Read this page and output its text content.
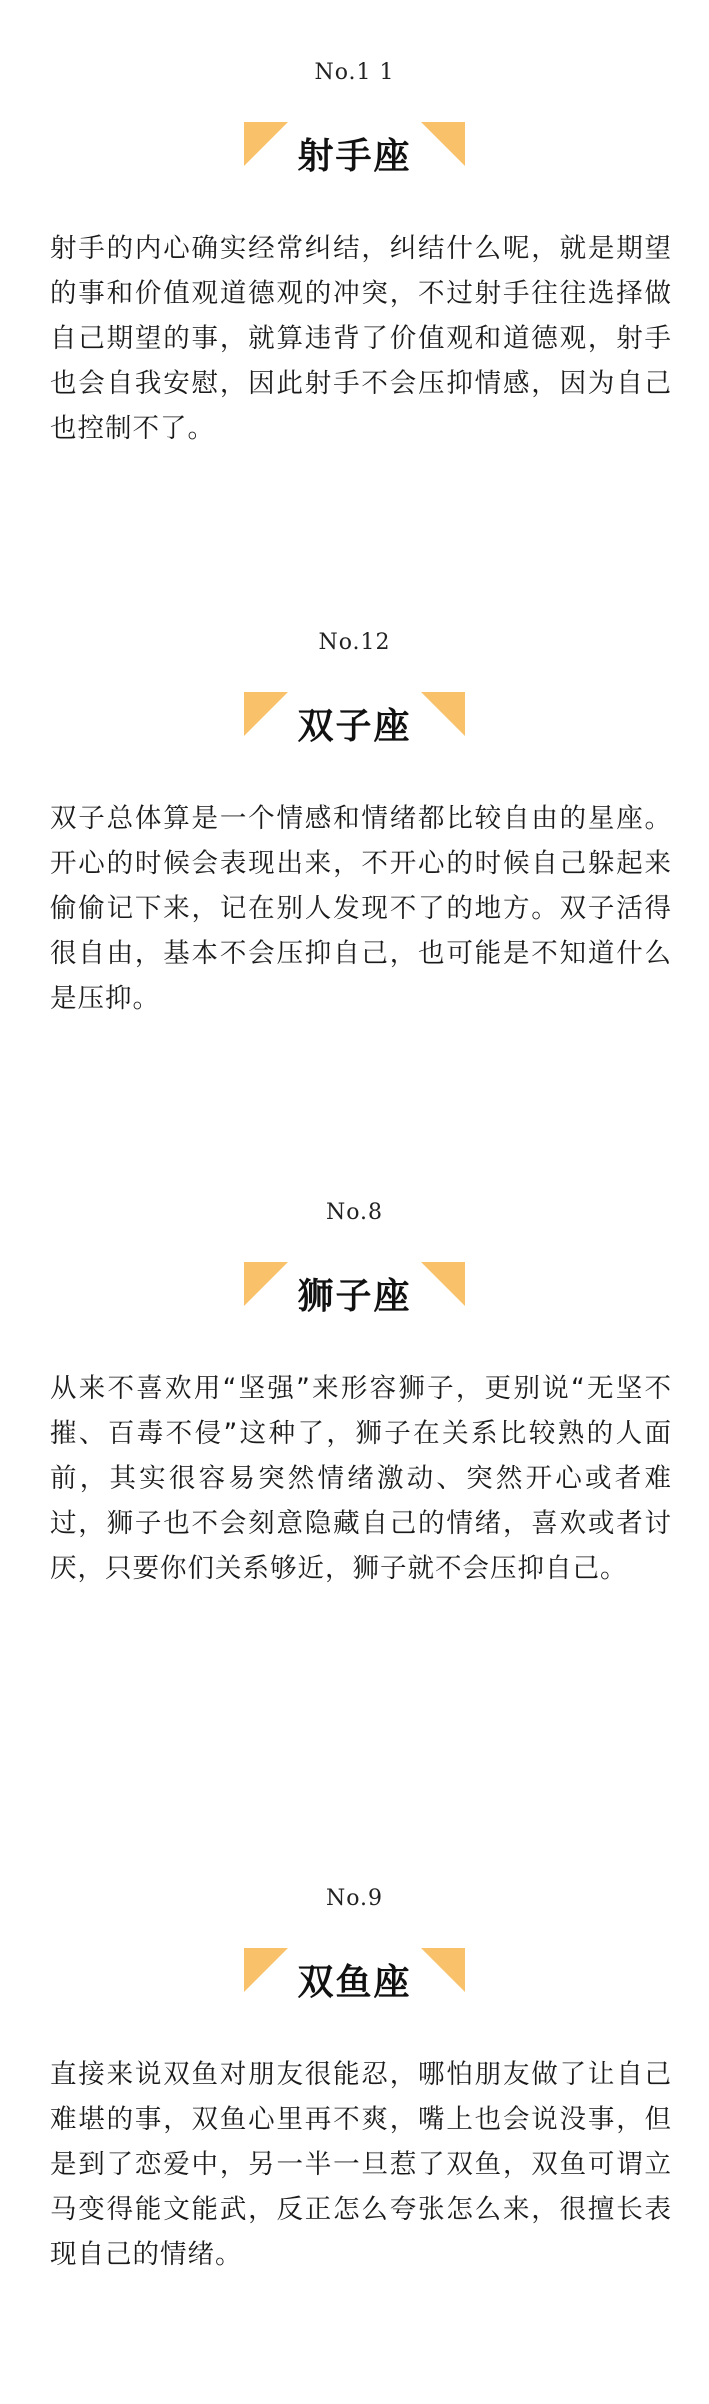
No.1 1
射手座
射手的内心确实经常纠结，纠结什么呢，就是期望的事和价值观道德观的冲突，不过射手往往选择做自己期望的事，就算违背了价值观和道德观，射手也会自我安慰，因此射手不会压抑情感，因为自己也控制不了。
No.12
双子座
双子总体算是一个情感和情绪都比较自由的星座。开心的时候会表现出来，不开心的时候自己躲起来偷偷记下来，记在别人发现不了的地方。双子活得很自由，基本不会压抑自己，也可能是不知道什么是压抑。
No.8
狮子座
从来不喜欢用“坚强”来形容狮子，更别说“无坚不摧、百毒不侵”这种了，狮子在关系比较熟的人面前，其实很容易突然情绪激动、突然开心或者难过，狮子也不会刻意隐藏自己的情绪，喜欢或者讨厌，只要你们关系够近，狮子就不会压抑自己。
No.9
双鱼座
直接来说双鱼对朋友很能忍，哪怕朋友做了让自己难堪的事，双鱼心里再不爽，嘴上也会说没事，但是到了恋爱中，另一半一旦惹了双鱼，双鱼可谓立马变得能文能武，反正怎么夸张怎么来，很擅长表现自己的情绪。
